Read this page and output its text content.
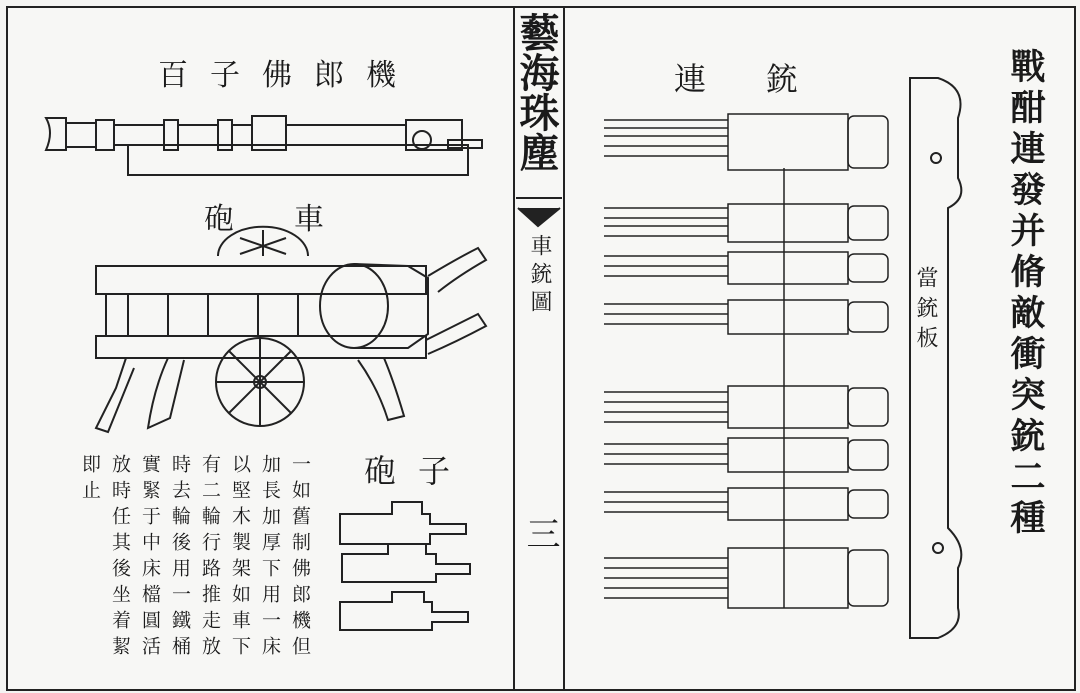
百子佛郎機
砲車
砲子
一如舊制佛郎機但
加長加厚下用一床
以堅木製架如車下
有二輪行路推走放
時去輪後用一鐵桶
實緊于中床檔圓活
放時任其後坐着絜
即止
藝海珠塵
車銃圖
三
連銃
當銃板 戰酣連發并脩敵衝突銃二種
